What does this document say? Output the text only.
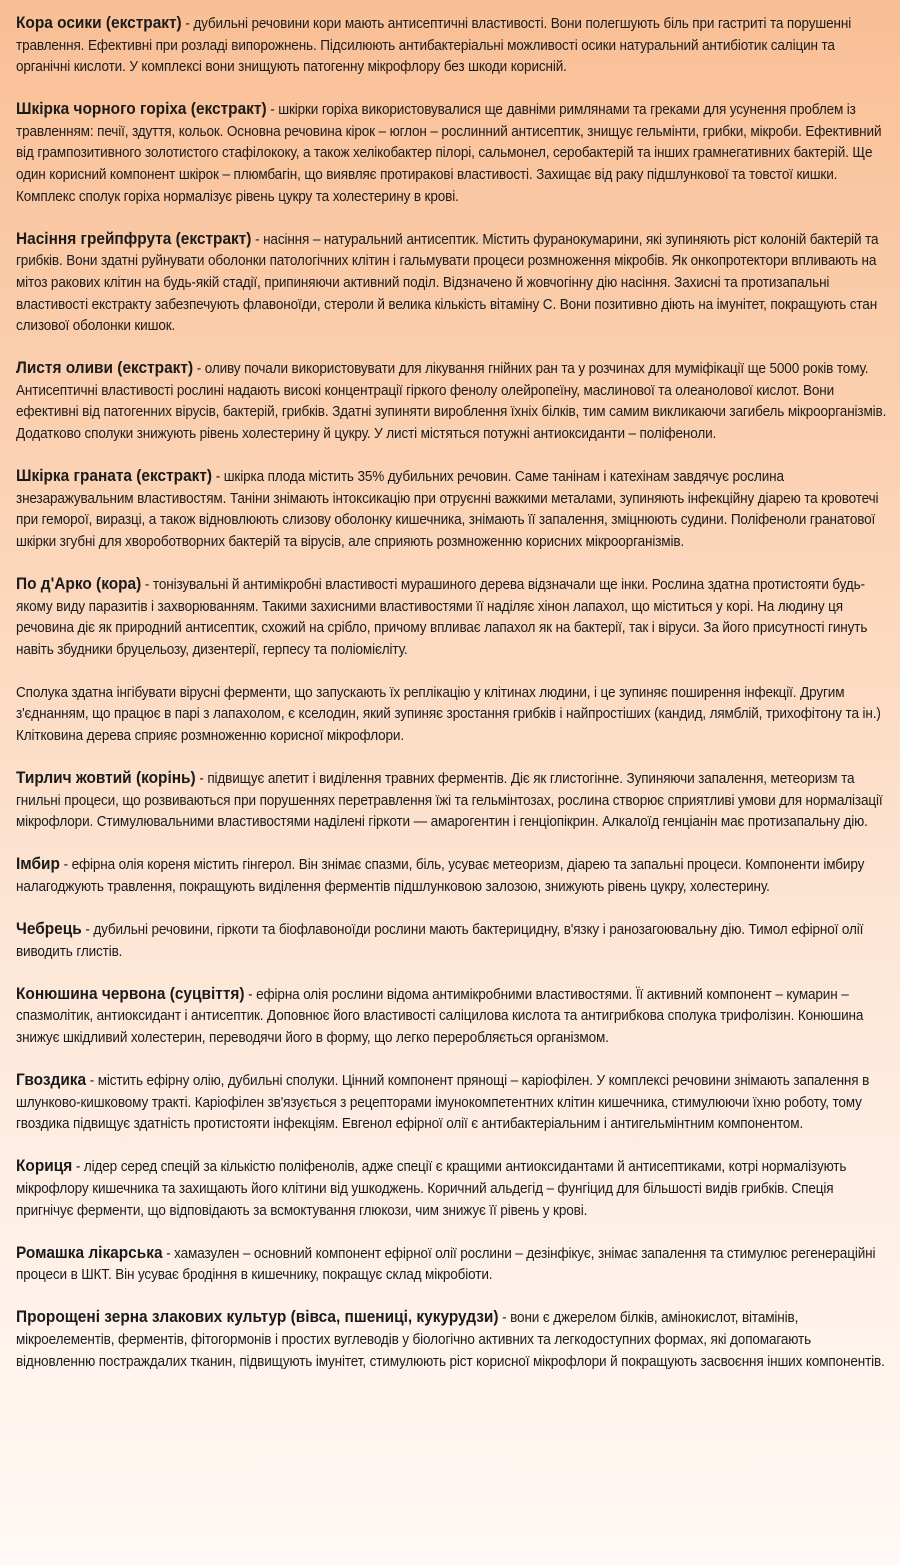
Кора осики (екстракт) - дубильні речовини кори мають антисептичні властивості. Вони полегшують біль при гастриті та порушенні травлення. Ефективні при розладі випорожнень. Підсилюють антибактеріальні можливості осики натуральний антибіотик саліцин та органічні кислоти. У комплексі вони знищують патогенну мікрофлору без шкоди корисній.

Шкірка чорного горіха (екстракт) - шкірки горіха використовувалися ще давніми римлянами та греками для усунення проблем із травленням: печії, здуття, кольок. Основна речовина кірок – юглон – рослинний антисептик, знищує гельмінти, грибки, мікроби. Ефективний від грампозитивного золотистого стафілококу, а також хелікобактер пілорі, сальмонел, серобактерій та інших грамнегативних бактерій. Ще один корисний компонент шкірок – плюмбагін, що виявляє протиракові властивості. Захищає від раку підшлункової та товстої кишки. Комплекс сполук горіха нормалізує рівень цукру та холестерину в крові.

Насіння грейпфрута (екстракт) - насіння – натуральний антисептик. Містить фуранокумарини, які зупиняють ріст колоній бактерій та грибків. Вони здатні руйнувати оболонки патологічних клітин і гальмувати процеси розмноження мікробів. Як онкопротектори впливають на мітоз ракових клітин на будь-якій стадії, припиняючи активний поділ. Відзначено й жовчогінну дію насіння. Захисні та протизапальні властивості екстракту забезпечують флавоноїди, стероли й велика кількість вітаміну С. Вони позитивно діють на імунітет, покращують стан слизової оболонки кишок.

Листя оливи (екстракт) - оливу почали використовувати для лікування гнійних ран та у розчинах для муміфікації ще 5000 років тому. Антисептичні властивості рослині надають високі концентрації гіркого фенолу олейропеїну, маслинової та олеанолової кислот. Вони ефективні від патогенних вірусів, бактерій, грибків. Здатні зупиняти вироблення їхніх білків, тим самим викликаючи загибель мікроорганізмів. Додатково сполуки знижують рівень холестерину й цукру. У листі містяться потужні антиоксиданти – поліфеноли.

Шкірка граната (екстракт) - шкірка плода містить 35% дубильних речовин. Саме танінам і катехінам завдячує рослина знезаражувальним властивостям. Таніни знімають інтоксикацію при отруєнні важкими металами, зупиняють інфекційну діарею та кровотечі при геморої, виразці, а також відновлюють слизову оболонку кишечника, знімають її запалення, зміцнюють судини. Поліфеноли гранатової шкірки згубні для хвороботворних бактерій та вірусів, але сприяють розмноженню корисних мікроорганізмів.

По д'Арко (кора) - тонізувальні й антимікробні властивості мурашиного дерева відзначали ще інки. Рослина здатна протистояти будь-якому виду паразитів і захворюванням. Такими захисними властивостями її наділяє хінон лапахол, що міститься у корі. На людину ця речовина діє як природний антисептик, схожий на срібло, причому впливає лапахол як на бактерії, так і віруси. За його присутності гинуть навіть збудники бруцельозу, дизентерії, герпесу та поліомієліту.

Сполука здатна інгібувати вірусні ферменти, що запускають їх реплікацію у клітинах людини, і це зупиняє поширення інфекції. Другим з'єднанням, що працює в парі з лапахолом, є кселодин, який зупиняє зростання грибків і найпростіших (кандид, лямблій, трихофітону та ін.) Клітковина дерева сприяє розмноженню корисної мікрофлори.

Тирлич жовтий (корінь) - підвищує апетит і виділення травних ферментів. Діє як глистогінне. Зупиняючи запалення, метеоризм та гнильні процеси, що розвиваються при порушеннях перетравлення їжі та гельмінтозах, рослина створює сприятливі умови для нормалізації мікрофлори. Стимулювальними властивостями наділені гіркоти — амарогентин і генціопікрин. Алкалоїд генціанін має протизапальну дію.

Імбир - ефірна олія кореня містить гінгерол. Він знімає спазми, біль, усуває метеоризм, діарею та запальні процеси. Компоненти імбиру налагоджують травлення, покращують виділення ферментів підшлунковою залозою, знижують рівень цукру, холестерину.

Чебрець - дубильні речовини, гіркоти та біофлавоноїди рослини мають бактерицидну, в'язку і ранозагоювальну дію. Тимол ефірної олії виводить глистів.

Конюшина червона (суцвіття) - ефірна олія рослини відома антимікробними властивостями. Її активний компонент – кумарин – спазмолітик, антиоксидант і антисептик. Доповнює його властивості саліцилова кислота та антигрибкова сполука трифолізин. Конюшина знижує шкідливий холестерин, переводячи його в форму, що легко переробляється організмом.

Гвоздика - містить ефірну олію, дубильні сполуки. Цінний компонент прянощі – каріофілен. У комплексі речовини знімають запалення в шлунково-кишковому тракті. Каріофілен зв'язується з рецепторами імунокомпетентних клітин кишечника, стимулюючи їхню роботу, тому гвоздика підвищує здатність протистояти інфекціям. Евгенол ефірної олії є антибактеріальним і антигельмінтним компонентом.

Кориця - лідер серед спецій за кількістю поліфенолів, адже спеції є кращими антиоксидантами й антисептиками, котрі нормалізують мікрофлору кишечника та захищають його клітини від ушкоджень. Коричний альдегід – фунгіцид для більшості видів грибків. Спеція пригнічує ферменти, що відповідають за всмоктування глюкози, чим знижує її рівень у крові.

Ромашка лікарська - хамазулен – основний компонент ефірної олії рослини – дезінфікує, знімає запалення та стимулює регенераційні процеси в ШКТ. Він усуває бродіння в кишечнику, покращує склад мікробіоти.

Пророщені зерна злакових культур (вівса, пшениці, кукурудзи) - вони є джерелом білків, амінокислот, вітамінів, мікроелементів, ферментів, фітогормонів і простих вуглеводів у біологічно активних та легкодоступних формах, які допомагають відновленню постраждалих тканин, підвищують імунітет, стимулюють ріст корисної мікрофлори й покращують засвоєння інших компонентів.
